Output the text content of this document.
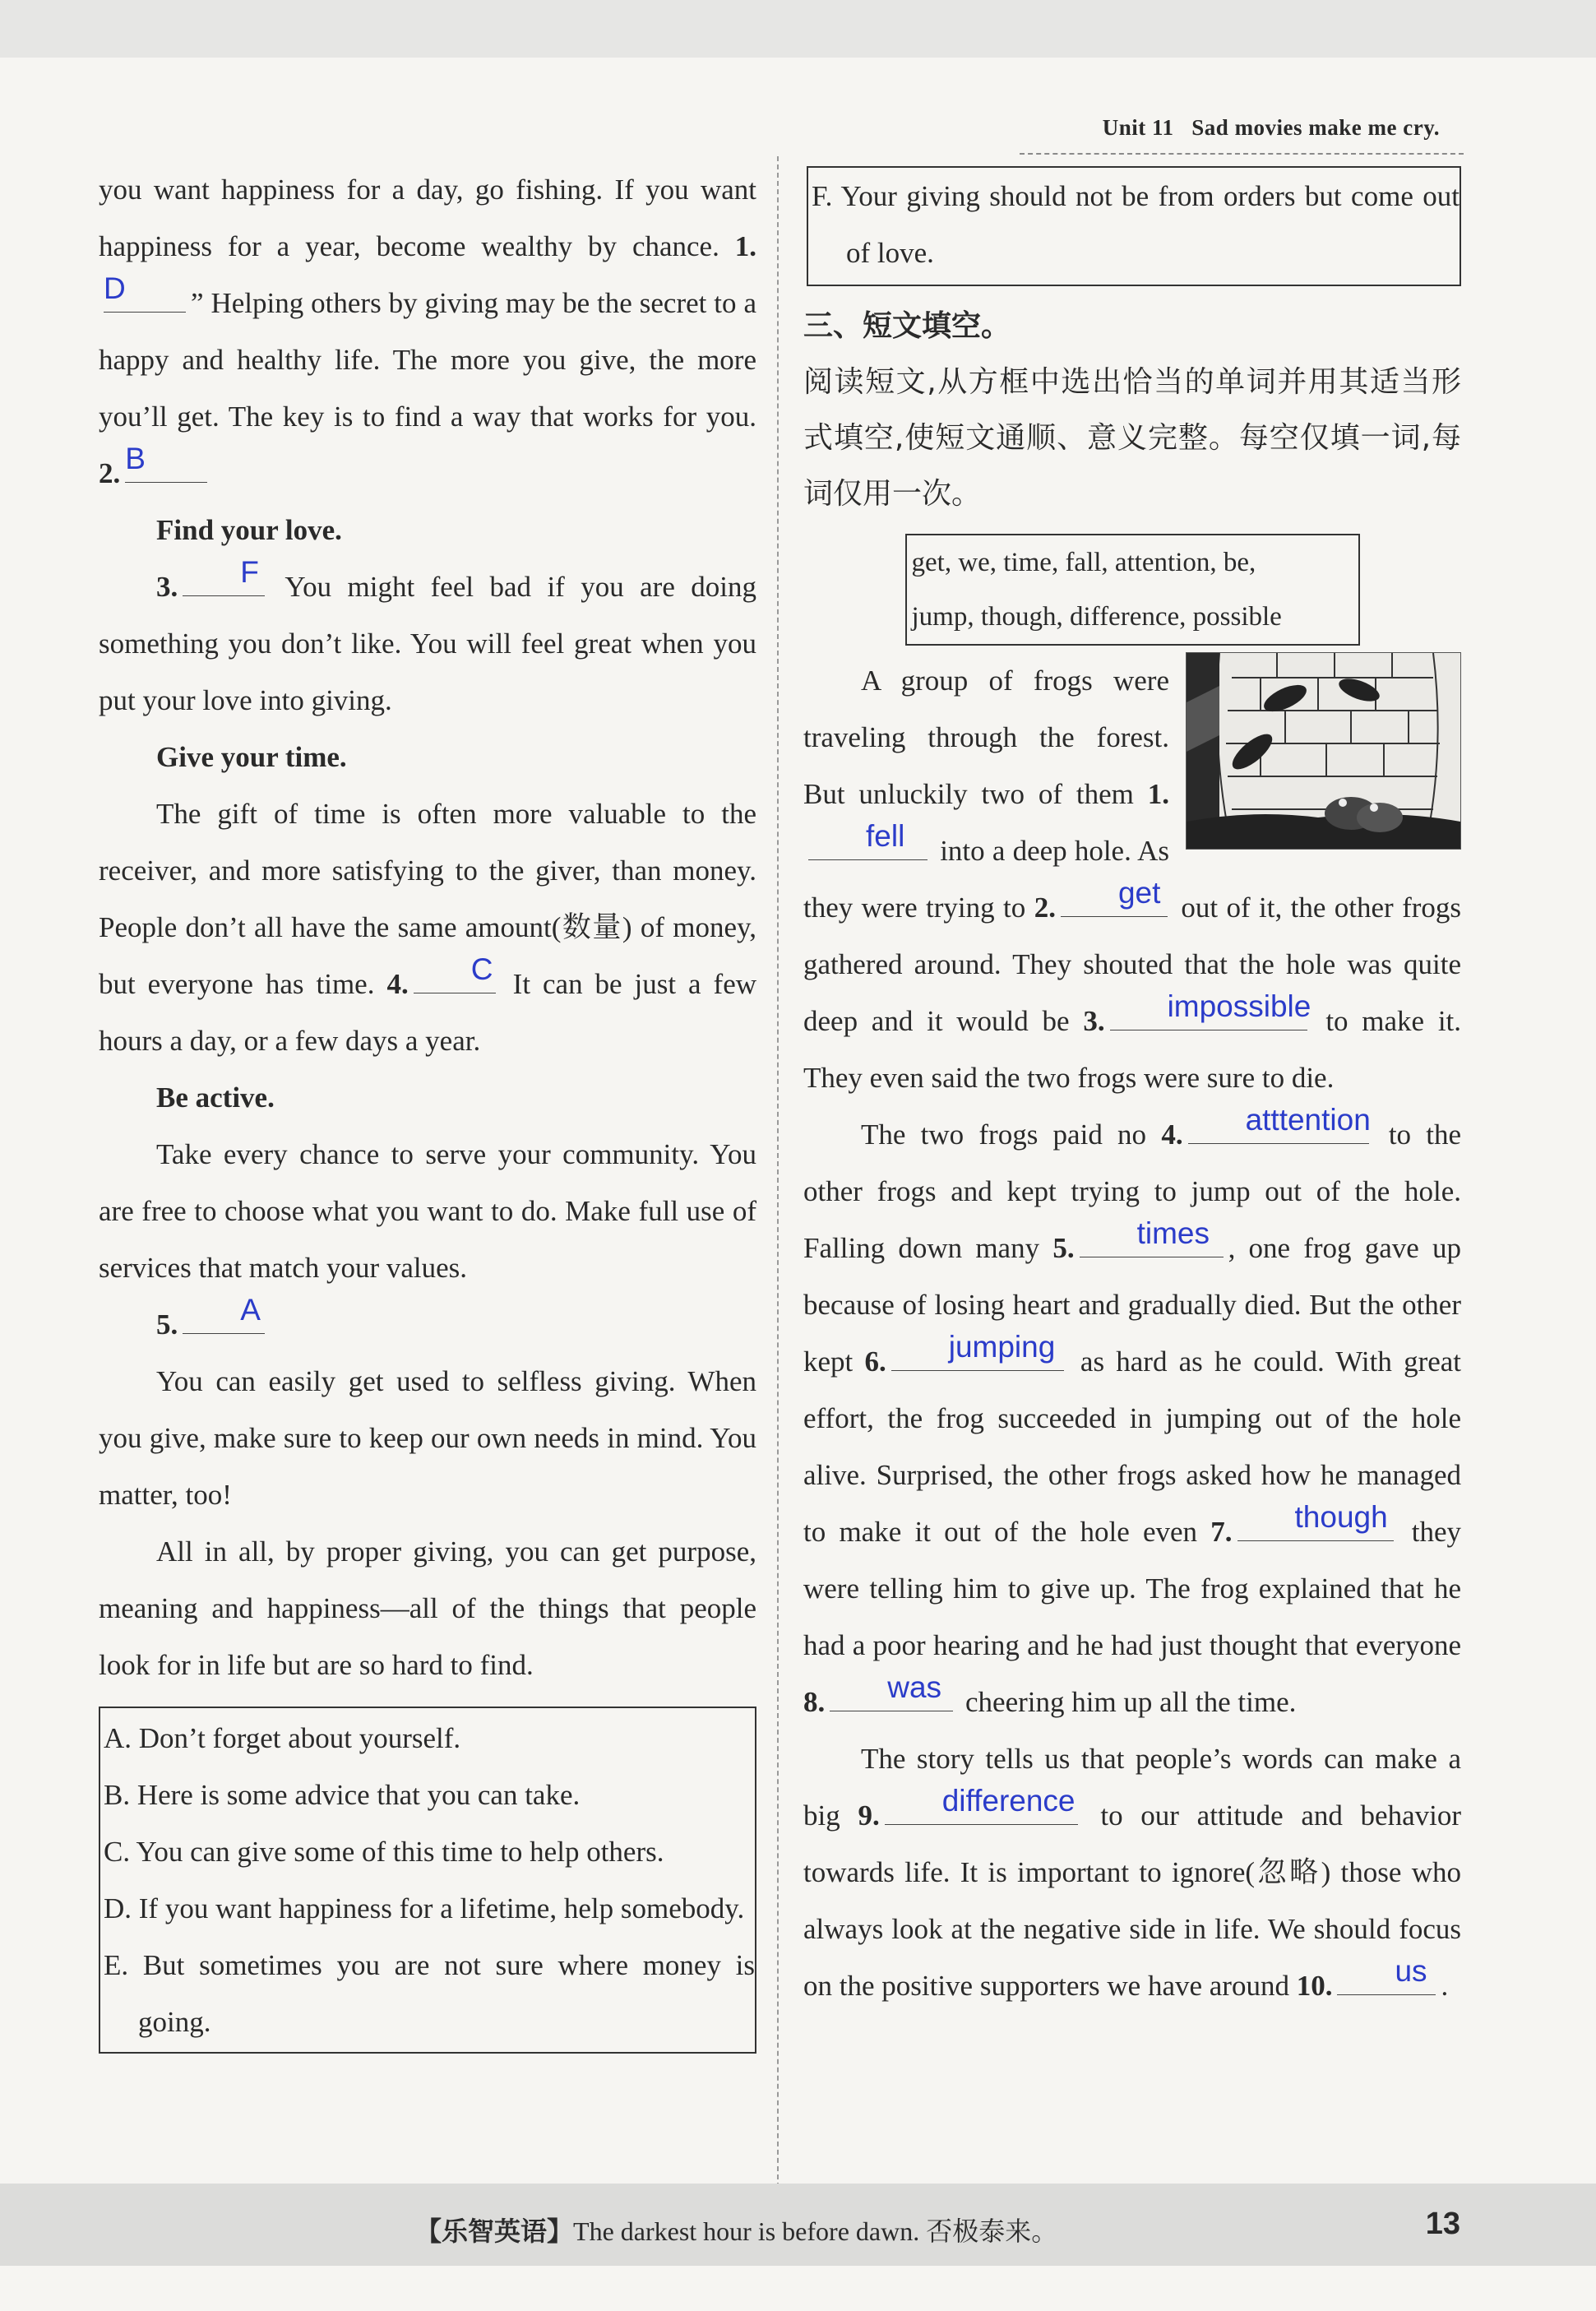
Unit 11 Sad movies make me cry.

you want happiness for a day, go fishing. If you want happiness for a year, become wealthy by chance. 1.
D	” Helping others by giving may be the secret to a happy and healthy life. The more you give, the more you’ll get. The key is to find a way that works for you. 2. B

Find your love.

3.	F You might feel bad if you are doing something you don’t like. You will feel great when you put your love into giving.

Give your time.

The gift of time is often more valuable to the receiver, and more satisfying to the giver, than money. People don’t all have the same amount(数量) of money, but everyone has time. 4.	C It can be just a few hours a day, or a few days a year.

Be active.

Take every chance to serve your community. You are free to choose what you want to do. Make full use of services that match your values.

5.	A

You can easily get used to selfless giving. When you give, make sure to keep our own needs in mind. You matter, too!

All in all, by proper giving, you can get purpose, meaning and happiness—all of the things that people look for in life but are so hard to find.

A. Don’t forget about yourself.

B. Here is some advice that you can take.

C. You can give some of this time to help others.

D. If you want happiness for a lifetime, help somebody.

E. But sometimes you are not sure where money is going.

F. Your giving should not be from orders but come out of love.

三、短文填空。

阅读短文,从方框中选出恰当的单词并用其适当形式填空,使短文通顺、意义完整。每空仅填一词,每词仅用一次。

get, we, time, fall, attention, be,
jump, though, difference, possible

A group of frogs were traveling through the forest. But unluckily two of them 1.
fell	into a deep hole. As they were trying to 2.	get out of it, the other frogs gathered around. They shouted that the hole was quite deep and it would be 3.	impossible to make it. They even said the two frogs were sure to die.

The two frogs paid no 4.	atttention to the other frogs and kept trying to jump out of the hole. Falling down many 5.	times , one frog gave up because of losing heart and gradually died. But the other kept 6.	jumping as hard as he could. With great effort, the frog succeeded in jumping out of the hole alive. Surprised, the other frogs asked how he managed to make it out of the hole even 7.	though they were telling him to give up. The frog explained that he had a poor hearing and he had just thought that everyone 8.	was cheering him up all the time.

The story tells us that people’s words can make a big 9.	difference to our attitude and behavior towards life. It is important to ignore(忽略) those who always look at the negative side in life. We should focus on the positive supporters we have around 10.	us .

【乐智英语】The darkest hour is before dawn. 否极泰来。	13
